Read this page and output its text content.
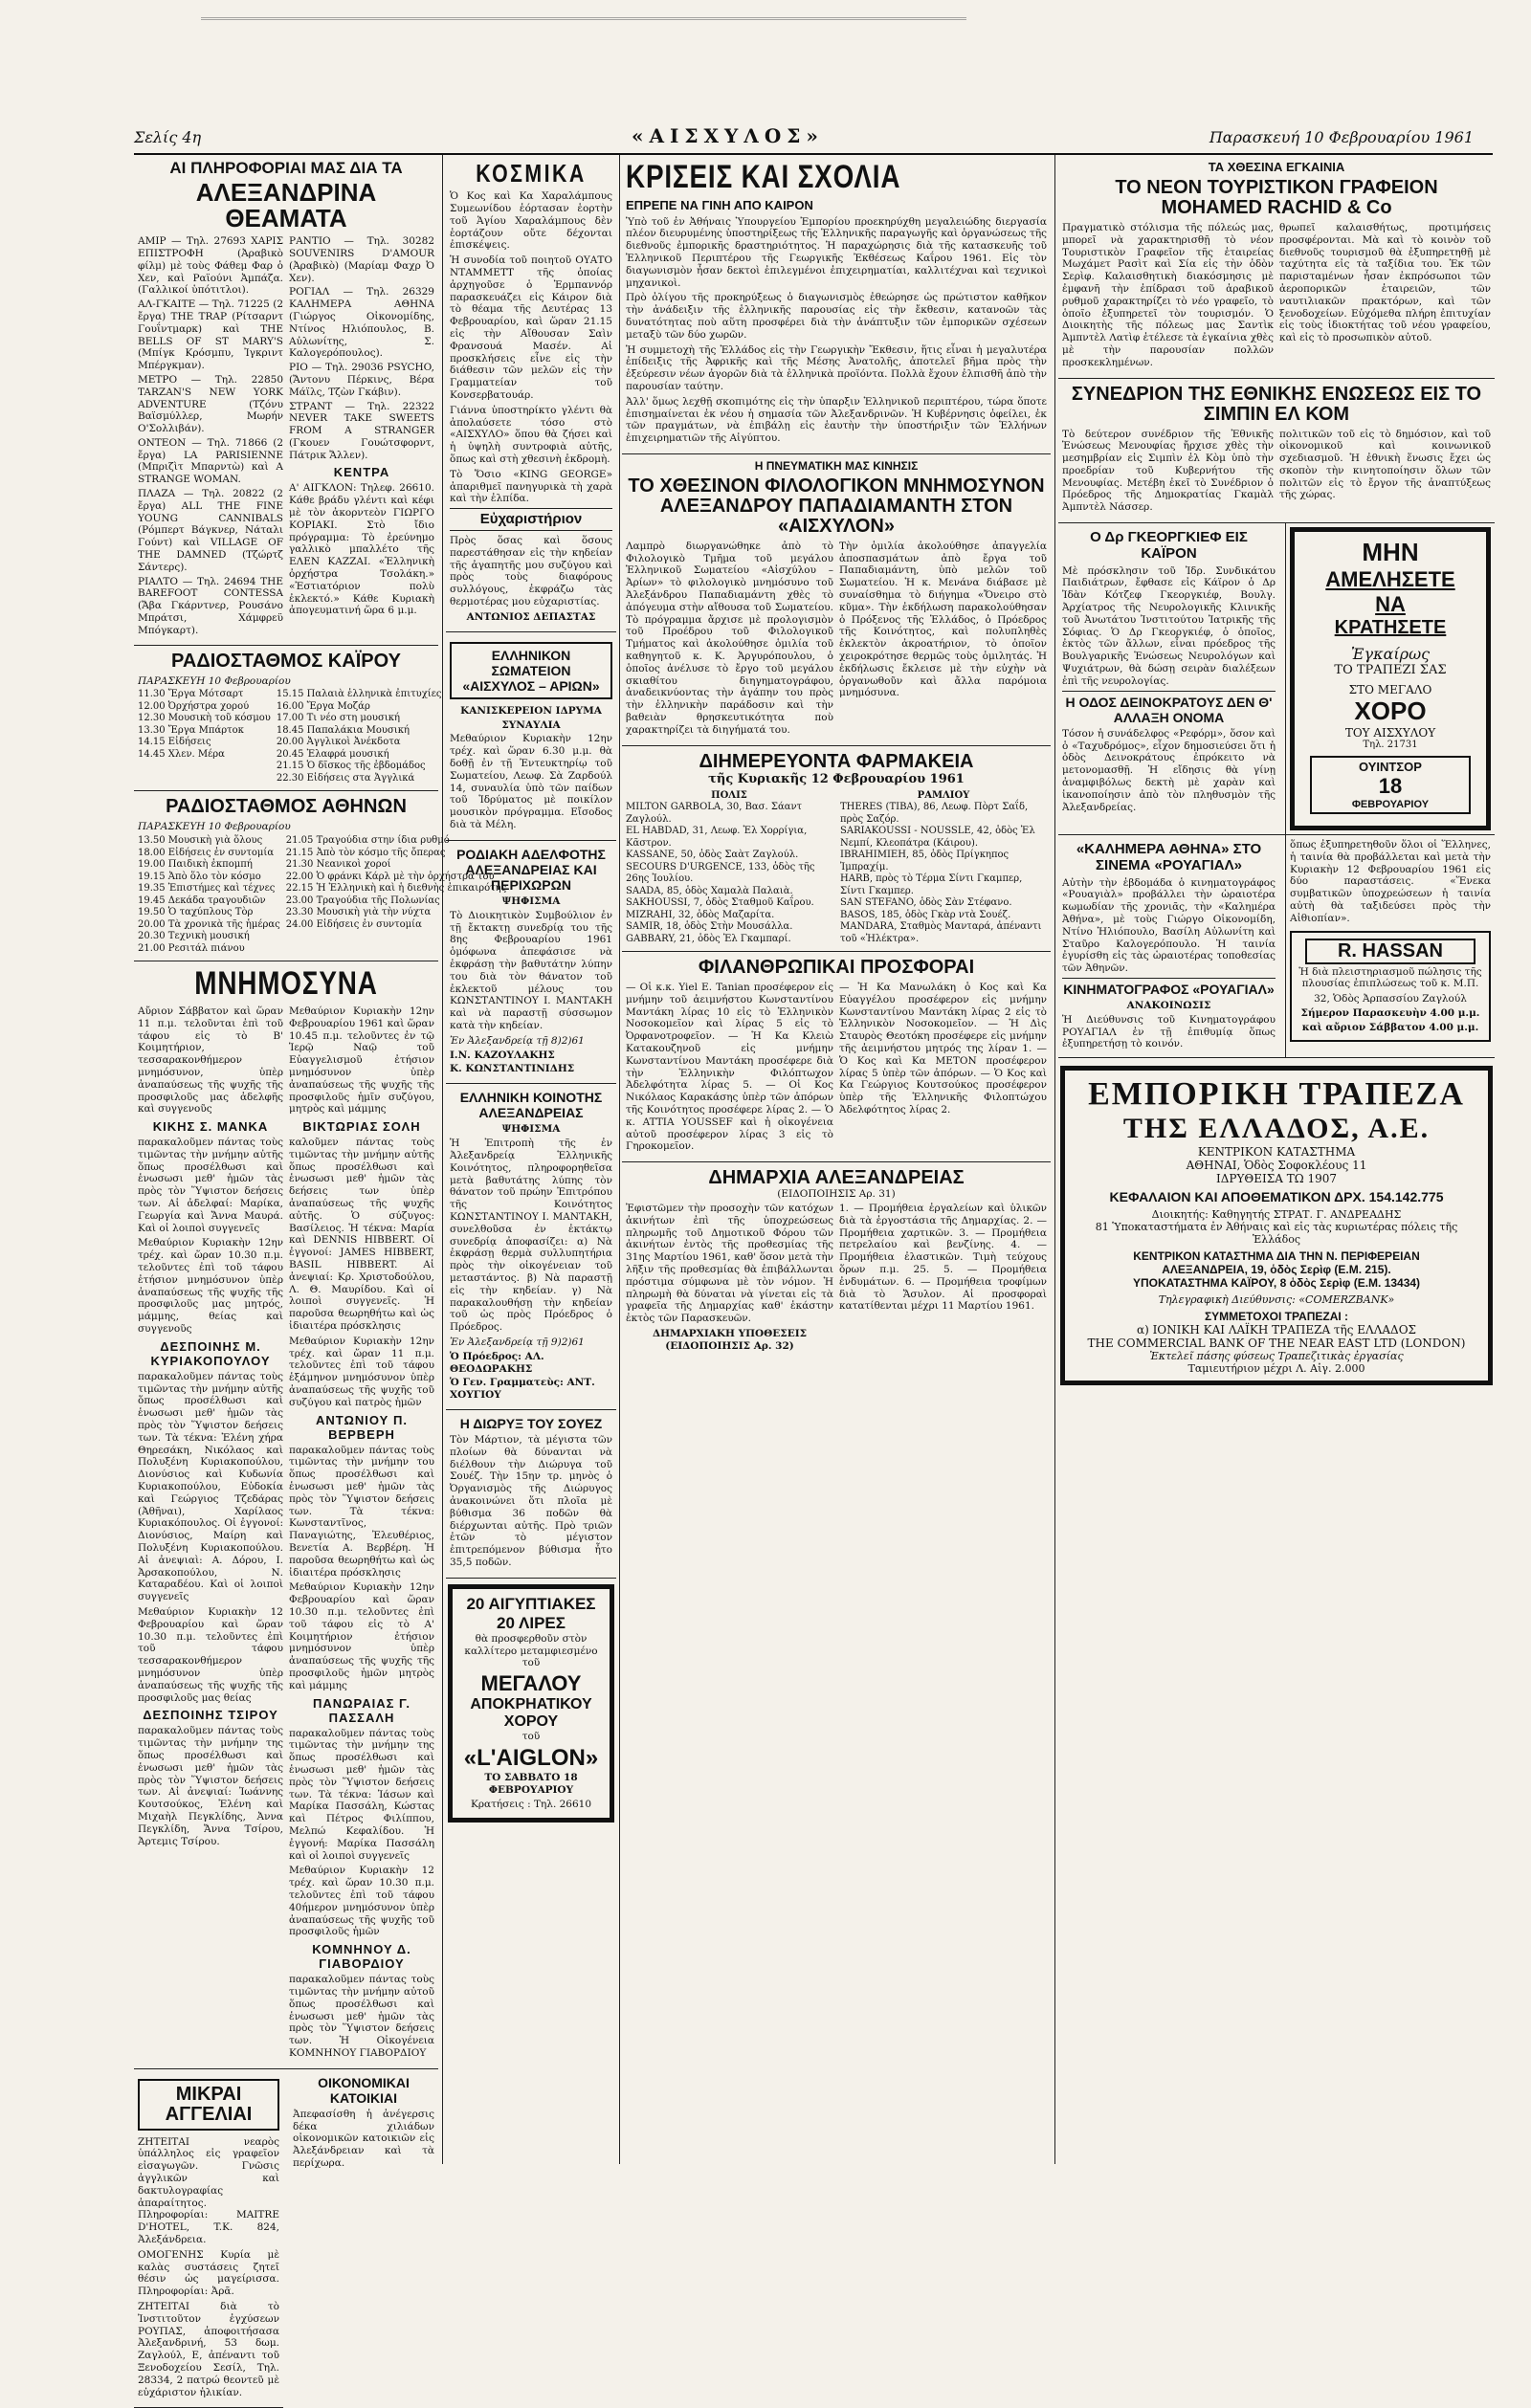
Σελίς 4η	«ΑΙΣΧΥΛΟΣ»	Παρασκευή 10 Φεβρουαρίου 1961
ΑΙ ΠΛΗΡΟΦΟΡΙΑΙ ΜΑΣ ΔΙΑ ΤΑ
ΑΛΕΞΑΝΔΡΙΝΑ ΘΕΑΜΑΤΑ

ΑΜΙΡ — Τηλ. 27693 ΧΑΡΙΣ ΕΠΙΣΤΡΟΦΗ (Ἀραβικὸ φίλμ) μὲ τοὺς Φάθεμ Φαρ ὁ Χεν, καὶ Ραϊούνι Ἀμπάζα. (Γαλλικοί ὑπότιτλοι).

ΑΛ-ΓΚΑΙΤΕ — Τηλ. 71225 (2 ἔργα) THE TRAP (Ρίτσαρντ Γουΐντμαρκ) καὶ THE BELLS OF ST MARY'S (Μπίγκ Κρόσμπυ, Ἰγκριντ Μπέργκμαν).

ΜΕΤΡΟ — Τηλ. 22850 TARZAN'S NEW YORK ADVENTURE (Τζόνυ Βαϊσμύλλερ, Μωρήν Ο'Σολλιβάν).

ΟΝΤΕΟΝ — Τηλ. 71866 (2 ἔργα) LA PARISIENNE (Μπριζὶτ Μπαρντὼ) καὶ A STRANGE WOMAN.

ΠΛΑΖΑ — Τηλ. 20822 (2 ἔργα) ALL THE FINE YOUNG CANNIBALS (Ρόμπερτ Βάγκνερ, Νάταλι Γούντ) καὶ VILLAGE OF THE DAMNED (Τζώρτζ Σάντερς).

ΡΙΑΛΤΟ — Τηλ. 24694 THE BAREFOOT CONTESSA (Ἄβα Γκάρντνερ, Ρουσάνο Μπράτσι, Χάμφρεϋ Μπόγκαρτ).

ΡΑΝΤΙΟ — Τηλ. 30282 SOUVENIRS D'AMOUR (Ἀραβικὸ) (Μαρίαμ Φαχρ Ὀ Χεν).

ΡΟΓΙΑΛ — Τηλ. 26329 ΚΑΛΗΜΕΡΑ ΑΘΗΝΑ (Γιώργος Οἰκονομίδης, Ντίνος Ηλιόπουλος, Β. Αὐλωνίτης, Σ. Καλογερόπουλος).

ΡΙΟ — Τηλ. 29036 PSYCHO, (Ἄντονυ Πέρκινς, Βέρα Μάϊλς, Τζὼν Γκάβιν).

ΣΤΡΑΝΤ — Τηλ. 22322 NEVER TAKE SWEETS FROM A STRANGER (Γκουεν Γουώτσφορντ, Πάτρικ Ἄλλεν).

ΚΕΝΤΡΑ

Α' ΑΙΓΚΛΟΝ: Τηλεφ. 26610. Κάθε βράδυ γλέντι καὶ κέφι μὲ τὸν ἀκορντεὸν ΓΙΩΡΓΟ ΚΟΡΙΑΚΙ. Στὸ ἴδιο πρόγραμμα: Τὸ ἐρεύνημο γαλλικὸ μπαλλέτο τῆς ΕΛΕΝ ΚΑΖΖΑΙ. «Ἑλληνικὴ ὀρχήστρα Τσολάκη.» «Ἐστιατόριον πολὺ ἐκλεκτό.» Κάθε Κυριακὴ ἀπογευματινή ὥρα 6 μ.μ.

ΡΑΔΙΟΣΤΑΘΜΟΣ ΚΑΪΡΟΥ
ΠΑΡΑΣΚΕΥΗ 10 Φεβρουαρίου
11.30 Ἔργα Μότσαρτ
12.00 Ὀρχήστρα χορού
12.30 Μουσικὴ τοῦ κόσμου
13.30 Ἔργα Μπάρτοκ
14.15 Εἰδήσεις
14.45 Χλεν. Μέρα
15.15 Παλαιὰ ἑλληνικὰ ἐπιτυχίες
16.00 Ἔργα Μοζάρ
17.00 Τι νέο στη μουσική
18.45 Παπαλάκια Μουσική
20.00 Ἀγγλικοὶ Ἀνέκδοτα
20.45 Ἐλαφρά μουσική
21.15 Ὁ δῖσκος τῆς ἐβδομάδος
22.30 Εἰδήσεις στα Ἀγγλικά
ΡΑΔΙΟΣΤΑΘΜΟΣ ΑΘΗΝΩΝ
ΠΑΡΑΣΚΕΥΗ 10 Φεβρουαρίου
13.50 Μουσικὴ γιὰ ὅλους
18.00 Εἰδήσεις ἐν συντομία
19.00 Παιδικὴ ἐκπομπή
19.15 Ἀπὸ ὅλο τὸν κόσμο
19.35 Ἐπιστήμες καὶ τέχνες
19.45 Δεκάδα τραγουδιῶν
19.50 Ὁ ταχύπλους Τὸρ
20.00 Τὰ χρονικὰ τῆς ἡμέρας
20.30 Τεχνικὴ μουσική
21.00 Ρεσιτάλ πιάνου
21.05 Τραγούδια στην ίδια ρυθμό
21.15 Ἀπὸ τὸν κόσμο τῆς ὄπερας
21.30 Νεανικοὶ χοροί
22.00 Ὁ φράνκι Κάρλ μὲ τὴν ὀρχήστρα του
22.15 Ἡ Ἑλληνικὴ καὶ ἡ διεθνὴς ἐπικαιρότης
23.00 Τραγούδια τῆς Πολωνίας
23.30 Μουσικὴ γιὰ τὴν νύχτα
24.00 Εἰδήσεις ἐν συντομία
ΜΝΗΜΟΣΥΝΑ

Αὔριον Σάββατον καὶ ὥραν 11 π.μ. τελοῦνται ἐπὶ τοῦ τάφου εἰς τὸ Β' Κοιμητήριον, τεσσαρακονθήμερον μνημόσυνον, ὑπὲρ ἀναπαύσεως τῆς ψυχῆς τῆς προσφιλοῦς μας ἀδελφῆς καὶ συγγενοῦς

ΚΙΚΗΣ Σ. ΜΑΝΚΑ

παρακαλοῦμεν πάντας τοὺς τιμῶντας τὴν μνήμην αὐτῆς ὅπως προσέλθωσι καὶ ἑνωσωσι μεθ' ἡμῶν τὰς πρὸς τὸν Ὕψιστον δεήσεις των. Αἱ ἀδελφαί: Μαρίκα, Γεωργία καὶ Ἄννα Μαυρά. Καὶ οἱ λοιποὶ συγγενεῖς

Μεθαύριον Κυριακὴν 12ην τρέχ. καὶ ὥραν 10.30 π.μ. τελοῦντες ἐπὶ τοῦ τάφου ἐτήσιον μνημόσυνον ὑπὲρ ἀναπαύσεως τῆς ψυχῆς τῆς προσφιλοῦς μας μητρός, μάμμης, θείας καὶ συγγενοῦς

ΔΕΣΠΟΙΝΗΣ Μ. ΚΥΡΙΑΚΟΠΟΥΛΟΥ

παρακαλοῦμεν πάντας τοὺς τιμῶντας τὴν μνήμην αὐτῆς ὅπως προσέλθωσι καὶ ἑνωσωσι μεθ' ἡμῶν τὰς πρὸς τὸν Ὕψιστον δεήσεις των. Τὰ τέκνα: Ἐλένη χήρα Θηρεσάκη, Νικόλαος καὶ Πολυξένη Κυριακοπούλου, Διονύσιος καὶ Κυδωνία Κυριακοπούλου, Εὐδοκία καὶ Γεώργιος Τζεδάρας (Ἀθῆναι), Χαρίλαος Κυριακόπουλος. Οἱ ἐγγονοί: Διονύσιος, Μαίρη καὶ Πολυξένη Κυριακοπούλου. Αἱ ἀνεψιαὶ: Α. Δόρου, Ι. Ἀρσακοπούλου, Ν. Καταραδέου. Καὶ οἱ λοιποὶ συγγενεῖς

Μεθαύριον Κυριακὴν 12 Φεβρουαρίου καὶ ὥραν 10.30 π.μ. τελοῦντες ἐπὶ τοῦ τάφου τεσσαρακονθήμερον μνημόσυνον ὑπὲρ ἀναπαύσεως τῆς ψυχῆς τῆς προσφιλοῦς μας θείας

ΔΕΣΠΟΙΝΗΣ ΤΣΙΡΟΥ

παρακαλοῦμεν πάντας τοὺς τιμῶντας τὴν μνήμην της ὅπως προσέλθωσι καὶ ἑνωσωσι μεθ' ἡμῶν τὰς πρὸς τὸν Ὕψιστον δεήσεις των. Αἱ ἀνεψιαί: Ἰωάννης Κουτσούκος, Ἐλένη καὶ Μιχαὴλ Πεγκλίδης, Ἀννα Πεγκλίδη, Ἄννα Τσίρου, Ἀρτεμις Τσίρου.

Μεθαύριον Κυριακὴν 12ην Φεβρουαρίου 1961 καὶ ὥραν 10.45 π.μ. τελοῦντες ἐν τῷ Ἱερῷ Ναῷ τοῦ Εὐαγγελισμοῦ ἐτήσιον μνημόσυνον ὑπὲρ ἀναπαύσεως τῆς ψυχῆς τῆς προσφιλοῦς ἡμῖν συζύγου, μητρὸς καὶ μάμμης

ΒΙΚΤΩΡΙΑΣ ΣΟΛΗ

καλοῦμεν πάντας τοὺς τιμῶντας τὴν μνήμην αὐτῆς ὅπως προσέλθωσι καὶ ἑνωσωσι μεθ' ἡμῶν τὰς δεήσεις των ὑπὲρ ἀναπαύσεως τῆς ψυχῆς αὐτῆς. Ὁ σύζυγος: Βασίλειος. Ἡ τέκνα: Μαρία καὶ DENNIS HIBBERT. Οἱ ἐγγονοί: JAMES HIBBERT, BASIL HIBBERT. Αἱ ἀνεψιαί: Κρ. Χριστοδούλου, Λ. Θ. Μαυρίδου. Καὶ οἱ λοιποὶ συγγενεῖς. Ἡ παροῦσα θεωρηθήτω καὶ ὡς ἰδιαιτέρα πρόσκλησις

Μεθαύριον Κυριακὴν 12ην τρέχ. καὶ ὥραν 11 π.μ. τελοῦντες ἐπὶ τοῦ τάφου ἑξάμηνον μνημόσυνον ὑπὲρ ἀναπαύσεως τῆς ψυχῆς τοῦ συζύγου καὶ πατρὸς ἡμῶν

ΑΝΤΩΝΙΟΥ Π. ΒΕΡΒΕΡΗ

παρακαλοῦμεν πάντας τοὺς τιμῶντας τὴν μνήμην του ὅπως προσέλθωσι καὶ ἑνωσωσι μεθ' ἡμῶν τὰς πρὸς τὸν Ὕψιστον δεήσεις των. Τὰ τέκνα: Κωνσταντῖνος, Παναγιώτης, Ἐλευθέριος, Βενετία Α. Βερβέρη. Ἡ παροῦσα θεωρηθήτω καὶ ὡς ἰδιαιτέρα πρόσκλησις

Μεθαύριον Κυριακὴν 12ην Φεβρουαρίου καὶ ὥραν 10.30 π.μ. τελοῦντες ἐπὶ τοῦ τάφου εἰς τὸ Α' Κοιμητήριον ἐτήσιον μνημόσυνον ὑπὲρ ἀναπαύσεως τῆς ψυχῆς τῆς προσφιλοῦς ἡμῶν μητρὸς καὶ μάμμης

ΠΑΝΩΡΑΙΑΣ Γ. ΠΑΣΣΑΛΗ

παρακαλοῦμεν πάντας τοὺς τιμῶντας τὴν μνήμην της ὅπως προσέλθωσι καὶ ἑνωσωσι μεθ' ἡμῶν τὰς πρὸς τὸν Ὕψιστον δεήσεις των. Τὰ τέκνα: Ἰάσων καὶ Μαρίκα Πασσάλη, Κώστας καὶ Πέτρος Φιλίππου, Μελπώ Κεφαλίδου. Ἡ ἐγγονή: Μαρίκα Πασσάλη καὶ οἱ λοιποὶ συγγενεῖς

Μεθαύριον Κυριακὴν 12 τρέχ. καὶ ὥραν 10.30 π.μ. τελοῦντες ἐπὶ τοῦ τάφου 40ήμερον μνημόσυνον ὑπὲρ ἀναπαύσεως τῆς ψυχῆς τοῦ προσφιλοῦς ἡμῶν

ΚΟΜΝΗΝΟΥ Δ. ΓΙΑΒΟΡΔΙΟΥ

παρακαλοῦμεν πάντας τοὺς τιμῶντας τὴν μνήμην αὐτοῦ ὅπως προσέλθωσι καὶ ἑνωσωσι μεθ' ἡμῶν τὰς πρὸς τὸν Ὕψιστον δεήσεις των. Ἡ Οἰκογένεια ΚΟΜΝΗΝΟΥ ΓΙΑΒΟΡΔΙΟΥ

ΜΙΚΡΑΙ ΑΓΓΕΛΙΑΙ

ΖΗΤΕΙΤΑΙ νεαρὸς ὑπάλληλος εἰς γραφεῖον εἰσαγωγῶν. Γνῶσις ἀγγλικῶν καὶ δακτυλογραφίας ἀπαραίτητος. Πληροφορίαι: MAITRE D'HOTEL, T.K. 824, Ἀλεξάνδρεια.

ΟΜΟΓΕΝΗΣ Κυρία μὲ καλὰς συστάσεις ζητεῖ θέσιν ὡς μαγείρισσα. Πληροφορίαι: Ἀρᾶ.

ΖΗΤΕΙΤΑΙ διὰ τὸ Ἰνστιτοῦτον ἐγχύσεων ΡΟΥΠΑΣ, ἀποφοιτήσασα Ἀλεξανδρινή, 53 δωμ. Ζαγλούλ, Ε, ἀπέναντι τοῦ Ξενοδοχείου Σεσίλ, Τηλ. 28334, 2 πατρώ θεοντεῦ μὲ εὐχάριστον ἡλικίαν.

ΟΙΚΟΝΟΜΙΚΑΙ ΚΑΤΟΙΚΙΑΙ

Ἀπεφασίσθη ἡ ἀνέγερσις δέκα χιλιάδων οἰκονομικῶν κατοικιῶν εἰς Ἀλεξάνδρειαν καὶ τὰ περίχωρα.

ΚΟΣΜΙΚΑ

Ὁ Κος καὶ Κα Χαραλάμπους Συμεωνίδου ἑόρτασαν ἑορτὴν τοῦ Ἁγίου Χαραλάμπους δὲν ἑορτάζουν οὔτε δέχονται ἐπισκέψεις.

Ἡ συνοδία τοῦ ποιητοῦ ΟΥΑΤΟ ΝΤΑΜΜΕΤΤ τῆς ὁποίας ἀρχηγοῦσε ὁ Ἐρμπαννόρ παρασκευάζει εἰς Κάιρον διὰ τὸ θέαμα τῆς Δευτέρας 13 Φεβρουαρίου, καὶ ὥραν 21.15 εἰς τὴν Αἴθουσαν Σαὶν Φρανσουά Μασέν. Αἱ προσκλήσεις εἶνε εἰς τὴν διάθεσιν τῶν μελῶν εἰς τὴν Γραμματείαν τοῦ Κονσερβατουάρ.

Γιάννα ὑποστηρίκτο γλέντι θὰ ἀπολαύσετε τόσο στὸ «ΑΙΣΧΥΛΟ» ὅπου θὰ ζήσει καὶ ἡ ὑψηλὴ συντροφιὰ αὐτῆς, ὅπως καὶ στὴ χθεσινὴ ἐκδρομὴ.

Τὸ Ὅσιο «KING GEORGE» ἀπαριθμεῖ πανηγυρικὰ τὴ χαρὰ καὶ τὴν ἐλπίδα.

Εὐχαριστήριον

Πρὸς ὅσας καὶ ὅσους παρεστάθησαν εἰς τὴν κηδείαν τῆς ἀγαπητῆς μου συζύγου καὶ πρὸς τοὺς διαφόρους συλλόγους, ἐκφράζω τὰς θερμοτέρας μου εὐχαριστίας.

ΑΝΤΩΝΙΟΣ ΔΕΠΑΣΤΑΣ
ΕΛΛΗΝΙΚΟΝ ΣΩΜΑΤΕΙΟΝ «ΑΙΣΧΥΛΟΣ – ΑΡΙΩΝ»
ΚΑΝΙΣΚΕΡΕΙΟΝ ΙΔΡΥΜΑ
ΣΥΝΑΥΛΙΑ

Μεθαύριον Κυριακὴν 12ην τρέχ. καὶ ὥραν 6.30 μ.μ. θὰ δοθῇ ἐν τῇ Ἐντευκτηρίῳ τοῦ Σωματείου, Λεωφ. Σὰ Ζαρδούλ 14, συναυλία ὑπὸ τῶν παίδων τοῦ Ἱδρύματος μὲ ποικίλον μουσικὸν πρόγραμμα. Εἴσοδος διὰ τὰ Μέλη.

ΡΟΔΙΑΚΗ ΑΔΕΛΦΟΤΗΣ ΑΛΕΞΑΝΔΡΕΙΑΣ ΚΑΙ ΠΕΡΙΧΩΡΩΝ
ΨΗΦΙΣΜΑ

Τὸ Διοικητικὸν Συμβούλιον ἐν τῇ ἔκτακτῃ συνεδρίᾳ του τῆς 8ης Φεβρουαρίου 1961 ὁμόφωνα ἀπεφάσισε νὰ ἐκφράσῃ τὴν βαθυτάτην λύπην του διὰ τὸν θάνατον τοῦ ἐκλεκτοῦ μέλους του ΚΩΝΣΤΑΝΤΙΝΟΥ Ι. ΜΑΝΤΑΚΗ καὶ νὰ παραστῇ σύσσωμον κατὰ τὴν κηδείαν.

Ἐν Ἀλεξανδρείᾳ τῇ 8)2)61
Ι.Ν. ΚΑΖΟΥΛΑΚΗΣ
Κ. ΚΩΝΣΤΑΝΤΙΝΙΔΗΣ
ΕΛΛΗΝΙΚΗ ΚΟΙΝΟΤΗΣ ΑΛΕΞΑΝΔΡΕΙΑΣ
ΨΗΦΙΣΜΑ

Ἡ Ἐπιτροπὴ τῆς ἐν Ἀλεξανδρείᾳ Ἑλληνικῆς Κοινότητος, πληροφορηθεῖσα μετὰ βαθυτάτης λύπης τὸν θάνατον τοῦ πρώην Ἐπιτρόπου τῆς Κοινότητος ΚΩΝΣΤΑΝΤΙΝΟΥ Ι. ΜΑΝΤΑΚΗ, συνελθοῦσα ἐν ἐκτάκτῳ συνεδρίᾳ ἀποφασίζει: α) Νὰ ἐκφράσῃ θερμὰ συλλυπητήρια πρὸς τὴν οἰκογένειαν τοῦ μεταστάντος. β) Νὰ παραστῇ εἰς τὴν κηδείαν. γ) Νὰ παρακαλουθήσῃ τὴν κηδείαν τοῦ ὡς πρὸς Πρόεδρος ὁ Πρόεδρος.

Ἐν Ἀλεξανδρείᾳ τῇ 9)2)61
Ὁ Πρόεδρος: ΑΛ. ΘΕΟΔΩΡΑΚΗΣ
Ὁ Γεν. Γραμματεὺς: ΑΝΤ. ΧΟΥΓΙΟΥ
Η ΔΙΩΡΥΞ ΤΟΥ ΣΟΥΕΖ

Τὸν Μάρτιον, τὰ μέγιστα τῶν πλοίων θὰ δύνανται νὰ διέλθουν τὴν Διώρυγα τοῦ Σουέζ. Τὴν 15ην τρ. μηνὸς ὁ Ὀργανισμὸς τῆς Διώρυγος ἀνακοινώνει ὅτι πλοῖα μὲ βύθισμα 36 ποδῶν θὰ διέρχωνται αὐτῆς. Πρὸ τριῶν ἐτῶν τὸ μέγιστον ἐπιτρεπόμενον βύθισμα ἦτο 35,5 ποδῶν.

20 ΑΙΓΥΠΤΙΑΚΕΣ 20 ΛΙΡΕΣ
θὰ προσφερθοῦν στὸν καλλίτερο μεταμφιεσμένο τοῦ
ΜΕΓΑΛΟΥ
ΑΠΟΚΡΗΑΤΙΚΟΥ ΧΟΡΟΥ
τοῦ
«L'AIGLON»
ΤΟ ΣΑΒΒΑΤΟ 18 ΦΕΒΡΟΥΑΡΙΟΥ
Κρατήσεις : Τηλ. 26610
ΚΡΙΣΕΙΣ ΚΑΙ ΣΧΟΛΙΑ
ΕΠΡΕΠΕ ΝΑ ΓΙΝΗ ΑΠΟ ΚΑΙΡΟΝ

Ὑπὸ τοῦ ἐν Ἀθήναις Ὑπουργείου Ἐμπορίου προεκηρύχθη μεγαλειώδης διεργασία πλέον διευρυμένης ὑποστηρίξεως τῆς Ἑλληνικῆς παραγωγῆς καὶ ὁργανώσεως τῆς διεθνοῦς ἐμπορικῆς δραστηριότητος. Ἡ παραχώρησις διὰ τῆς κατασκευῆς τοῦ Ἑλληνικοῦ Περιπτέρου τῆς Γεωργικῆς Ἐκθέσεως Καΐρου 1961. Εἰς τὸν διαγωνισμὸν ἦσαν δεκτοὶ ἐπιλεγμένοι ἐπιχειρηματίαι, καλλιτέχναι καὶ τεχνικοὶ μηχανικοὶ.

Πρὸ ὀλίγου τῆς προκηρύξεως ὁ διαγωνισμὸς ἐθεώρησε ὡς πρώτιστον καθῆκον τὴν ἀνάδειξιν τῆς ἑλληνικῆς παρουσίας εἰς τὴν ἔκθεσιν, κατανοῶν τὰς δυνατότητας ποὺ αὕτη προσφέρει διὰ τὴν ἀνάπτυξιν τῶν ἐμπορικῶν σχέσεων μεταξὺ τῶν δύο χωρῶν.

Ἡ συμμετοχὴ τῆς Ἑλλάδος εἰς τὴν Γεωργικὴν Ἔκθεσιν, ἥτις εἶναι ἡ μεγαλυτέρα ἐπίδειξις τῆς Ἀφρικῆς καὶ τῆς Μέσης Ἀνατολῆς, ἀποτελεῖ βῆμα πρὸς τὴν ἐξεύρεσιν νέων ἀγορῶν διὰ τὰ ἑλληνικὰ προϊόντα. Πολλὰ ἔχουν ἐλπισθῆ ἀπὸ τὴν παρουσίαν ταύτην.

Ἀλλ' ὅμως λεχθῇ σκοπιμότης εἰς τὴν ὑπαρξιν Ἑλληνικοῦ περιπτέρου, τώρα ὅποτε ἐπισημαίνεται ἐκ νέου ἡ σημασία τῶν Ἀλεξανδρινῶν. Ἡ Κυβέρνησις ὀφείλει, ἐκ τῶν πραγμάτων, νὰ ἐπιβάλῃ εἰς ἑαυτὴν τὴν ὑποστήριξιν τῶν Ἑλλήνων ἐπιχειρηματιῶν τῆς Αἰγύπτου.

Η ΠΝΕΥΜΑΤΙΚΗ ΜΑΣ ΚΙΝΗΣΙΣ
ΤΟ ΧΘΕΣΙΝΟΝ ΦΙΛΟΛΟΓΙΚΟΝ ΜΝΗΜΟΣΥΝΟΝ ΑΛΕΞΑΝΔΡΟΥ ΠΑΠΑΔΙΑΜΑΝΤΗ ΣΤΟΝ «ΑΙΣΧΥΛΟΝ»

Λαμπρὸ διωργανώθηκε ἀπὸ τὸ Φιλολογικὸ Τμῆμα τοῦ μεγάλου Ἑλληνικοῦ Σωματείου «Αἰσχύλου – Ἀρίων» τὸ φιλολογικὸ μνημόσυνο τοῦ Ἀλεξάνδρου Παπαδιαμάντη χθὲς τὸ ἀπόγευμα στὴν αἴθουσα τοῦ Σωματείου. Τὸ πρόγραμμα ἄρχισε μὲ προλογισμὸν τοῦ Προέδρου τοῦ Φιλολογικοῦ Τμήματος καὶ ἀκολούθησε ὁμιλία τοῦ καθηγητοῦ κ. Κ. Ἀργυρόπουλου, ὁ ὁποῖος ἀνέλυσε τὸ ἔργο τοῦ μεγάλου σκιαθίτου διηγηματογράφου, ἀναδεικνύοντας τὴν ἀγάπην του πρὸς τὴν ἑλληνικὴν παράδοσιν καὶ τὴν βαθειὰν θρησκευτικότητα ποὺ χαρακτηρίζει τὰ διηγήματά του.

Τὴν ὁμιλία ἀκολούθησε ἀπαγγελία ἀποσπασμάτων ἀπὸ ἔργα τοῦ Παπαδιαμάντη, ὑπὸ μελῶν τοῦ Σωματείου. Ἡ κ. Μενάνα διάβασε μὲ συναίσθημα τὸ διήγημα «Ὄνειρο στὸ κῦμα». Τὴν ἐκδήλωση παρακολούθησαν ὁ Πρόξενος τῆς Ἑλλάδος, ὁ Πρόεδρος τῆς Κοινότητος, καὶ πολυπληθὲς ἐκλεκτὸν ἀκροατήριον, τὸ ὁποῖον χειροκρότησε θερμῶς τοὺς ὁμιλητάς. Ἡ ἐκδήλωσις ἔκλεισε μὲ τὴν εὐχὴν νὰ ὀργανωθοῦν καὶ ἄλλα παρόμοια μνημόσυνα.

ΔΙΗΜΕΡΕΥΟΝΤΑ ΦΑΡΜΑΚΕΙΑ
τῆς Κυριακῆς 12 Φεβρουαρίου 1961
ΠΟΛΙΣ
MILTON GARBOLA, 30, Βασ. Σάαντ Ζαγλούλ.
EL HABDAD, 31, Λεωφ. Ἑλ Χορρίγια, Κᾶστρον.
KASSANE, 50, ὁδὸς Σαὰτ Ζαγλούλ.
SECOURS D'URGENCE, 133, ὁδὸς τῆς 26ης Ἰουλίου.
SAADA, 85, ὁδὸς Χαμαλὰ Παλαιὰ.
SAKHOUSSI, 7, ὁδὸς Σταθμοῦ Καΐρου.
MIZRAHI, 32, ὁδὸς Μαζαρίτα.
SAMIR, 18, ὁδὸς Στὴν Μουσάλλα.
GABBARY, 21, ὁδὸς Ἑλ Γκαμπαρί.
ΡΑΜΛΙΟΥ
THERES (TIBA), 86, Λεωφ. Πὸρτ Σαΐδ, πρὸς Σαζόρ.
SARIAKOUSSI - NOUSSLE, 42, ὁδὸς Ἑλ Νεμπί, Κλεοπάτρα (Κάιρου).
IBRAHIMIEH, 85, ὁδὸς Πρίγκηπος Ἰμπραχίμ.
HARB, πρὸς τὸ Τέρμα Σίντι Γκαμπερ, Σίντι Γκαμπερ.
SAN STEFANO, ὁδὸς Σὰν Στέφανο.
BASOS, 185, ὁδὸς Γκὰρ ντὰ Σουέζ.
MANDARA, Σταθμὸς Μανταρά, ἀπέναντι τοῦ «Ἠλέκτρα».
ΦΙΛΑΝΘΡΩΠΙΚΑΙ ΠΡΟΣΦΟΡΑΙ

— Οἱ κ.κ. Yiel E. Tanian προσέφερον εἰς μνήμην τοῦ ἀειμνήστου Κωνσταντίνου Μαντάκη λίρας 10 εἰς τὸ Ἑλληνικὸν Νοσοκομεῖον καὶ λίρας 5 εἰς τὸ Ὀρφανοτροφεῖον. — Ἡ Κα Κλειὼ Κατακουζηνοῦ εἰς μνήμην Κωνσταντίνου Μαντάκη προσέφερε διὰ τὴν Ἑλληνικὴν Φιλόπτωχον Ἀδελφότητα λίρας 5. — Οἱ Κος Νικόλαος Καρακάσης ὑπὲρ τῶν ἀπόρων τῆς Κοινότητος προσέφερε λίρας 2. — Ὁ κ. ATTIA YOUSSEF καὶ ἡ οἰκογένεια αὐτοῦ προσέφερον λίρας 3 εἰς τὸ Γηροκομεῖον.

— Ἡ Κα Μανωλάκη ὁ Κος καὶ Κα Εὐαγγέλου προσέφερον εἰς μνήμην Κωνσταντίνου Μαντάκη λίρας 2 εἰς τὸ Ἑλληνικὸν Νοσοκομεῖον. — Ἡ Δὶς Σταυρὸς Θεοτόκη προσέφερε εἰς μνήμην τῆς ἀειμνήστου μητρός της λίραν 1. — Ὁ Κος καὶ Κα ΜΕΤΟΝ προσέφερον λίρας 5 ὑπὲρ τῶν ἀπόρων. — Ὁ Κος καὶ Κα Γεώργιος Κουτσούκος προσέφερον ὑπὲρ τῆς Ἑλληνικῆς Φιλοπτώχου Ἀδελφότητος λίρας 2.

ΔΗΜΑΡΧΙΑ ΑΛΕΞΑΝΔΡΕΙΑΣ
(ΕΙΔΟΠΟΙΗΣΙΣ Αρ. 31)

Ἐφιστῶμεν τὴν προσοχὴν τῶν κατόχων ἀκινήτων ἐπὶ τῆς ὑποχρεώσεως πληρωμῆς τοῦ Δημοτικοῦ Φόρου τῶν ἀκινήτων ἐντὸς τῆς προθεσμίας τῆς 31ης Μαρτίου 1961, καθ' ὅσον μετὰ τὴν λῆξιν τῆς προθεσμίας θὰ ἐπιβάλλωνται πρόστιμα σύμφωνα μὲ τὸν νόμον. Ἡ πληρωμὴ θὰ δύναται νὰ γίνεται εἰς τὰ γραφεῖα τῆς Δημαρχίας καθ' ἑκάστην ἐκτὸς τῶν Παρασκευῶν.

ΔΗΜΑΡΧΙΑΚΗ ΥΠΟΘΕΣΕΙΣ (ΕΙΔΟΠΟΙΗΣΙΣ Αρ. 32)

1. — Προμήθεια ἐργαλείων καὶ ὑλικῶν διὰ τὰ ἐργοστάσια τῆς Δημαρχίας. 2. — Προμήθεια χαρτικῶν. 3. — Προμήθεια πετρελαίου καὶ βενζίνης. 4. — Προμήθεια ἐλαστικῶν. Τιμὴ τεύχους ὅρων π.μ. 25. 5. — Προμήθεια ἐνδυμάτων. 6. — Προμήθεια τροφίμων διὰ τὸ Ἄσυλον. Αἱ προσφοραὶ κατατίθενται μέχρι 11 Μαρτίου 1961.

ΤΑ ΧΘΕΣΙΝΑ ΕΓΚΑΙΝΙΑ
ΤΟ ΝΕΟΝ ΤΟΥΡΙΣΤΙΚΟΝ ΓΡΑΦΕΙΟΝ MOHAMED RACHID & Co

Πραγματικὸ στόλισμα τῆς πόλεώς μας, μπορεῖ νὰ χαρακτηρισθῇ τὸ νέον Τουριστικὸν Γραφεῖον τῆς ἑταιρείας Μωχάμετ Ρασὶτ καὶ Σία εἰς τὴν ὁδὸν Σερὶφ. Καλαισθητικὴ διακόσμησις μὲ ἐμφανῆ τὴν ἐπίδρασι τοῦ ἀραβικοῦ ρυθμοῦ χαρακτηρίζει τὸ νέο γραφεῖο, τὸ ὁποῖο ἐξυπηρετεῖ τὸν τουρισμόν. Ὁ Διοικητὴς τῆς πόλεως μας Σαντὶκ Ἀμπντὲλ Λατὶφ ἐτέλεσε τὰ ἐγκαίνια χθὲς μὲ τὴν παρουσίαν πολλῶν προσκεκλημένων.

θρωπεῖ καλαισθήτως, προτιμήσεις προσφέρονται. Μὰ καὶ τὸ κοινὸν τοῦ διεθνοῦς τουρισμοῦ θὰ ἐξυπηρετηθῇ μὲ ταχύτητα εἰς τὰ ταξίδια του. Ἐκ τῶν παρισταμένων ἦσαν ἐκπρόσωποι τῶν ἀεροπορικῶν ἑταιρειῶν, τῶν ναυτιλιακῶν πρακτόρων, καὶ τῶν ξενοδοχείων. Εὐχόμεθα πλήρη ἐπιτυχίαν εἰς τοὺς ἰδιοκτήτας τοῦ νέου γραφείου, καὶ εἰς τὸ προσωπικὸν αὐτοῦ.

ΣΥΝΕΔΡΙΟΝ ΤΗΣ ΕΘΝΙΚΗΣ ΕΝΩΣΕΩΣ ΕΙΣ ΤΟ ΣΙΜΠΙΝ ΕΛ ΚΟΜ

Τὸ δεύτερον συνέδριον τῆς Ἐθνικῆς Ἑνώσεως Μενουφίας ἤρχισε χθὲς τὴν μεσημβρίαν εἰς Σιμπὶν ἐλ Κὸμ ὑπὸ τὴν προεδρίαν τοῦ Κυβερνήτου τῆς Μενουφίας. Μετέβη ἐκεῖ τὸ Συνέδριον ὁ Πρόεδρος τῆς Δημοκρατίας Γκαμὰλ Ἀμπντὲλ Νάσσερ.

πολιτικῶν τοῦ εἰς τὸ δημόσιον, καὶ τοῦ οἰκονομικοῦ καὶ κοινωνικοῦ σχεδιασμοῦ. Ἡ ἐθνικὴ ἕνωσις ἔχει ὡς σκοπὸν τὴν κινητοποίησιν ὅλων τῶν πολιτῶν εἰς τὸ ἔργον τῆς ἀναπτύξεως τῆς χώρας.

Ο Δρ ΓΚΕΟΡΓΚΙΕΦ ΕΙΣ ΚΑΪΡΟΝ

Μὲ πρόσκλησιν τοῦ Ἰδρ. Συνδικάτου Παιδιάτρων, ἔφθασε εἰς Κάϊρον ὁ Δρ Ἰδὰν Κότζεφ Γκεοργκιέφ, Βουλγ. Ἀρχίατρος τῆς Νευρολογικῆς Κλινικῆς τοῦ Ἀνωτάτου Ἰνστιτούτου Ἰατρικῆς τῆς Σόφιας. Ὁ Δρ Γκεοργκιέφ, ὁ ὁποῖος, ἐκτὸς τῶν ἄλλων, εἶναι πρόεδρος τῆς Βουλγαρικῆς Ἑνώσεως Νευρολόγων καὶ Ψυχιάτρων, θὰ δώσῃ σειρὰν διαλέξεων ἐπὶ τῆς νευρολογίας.

Η ΟΔΟΣ ΔΕΙΝΟΚΡΑΤΟΥΣ ΔΕΝ Θ' ΑΛΛΑΞΗ ΟΝΟΜΑ

Τόσον ἡ συνάδελφος «Ρεφόρμ», ὅσον καὶ ὁ «Ταχυδρόμος», εἶχον δημοσιεύσει ὅτι ἡ ὁδὸς Δεινοκράτους ἐπρόκειτο νὰ μετονομασθῇ. Ἡ εἴδησις θὰ γίνῃ ἀναμφιβόλως δεκτὴ μὲ χαρὰν καὶ ἱκανοποίησιν ἀπὸ τὸν πληθυσμὸν τῆς Ἀλεξανδρείας.

ΜΗΝ
ΑΜΕΛΗΣΕΤΕ
ΝΑ
ΚΡΑΤΗΣΕΤΕ
Ἐγκαίρως
ΤΟ ΤΡΑΠΕΖΙ ΣΑΣ
ΣΤΟ ΜΕΓΑΛΟ
ΧΟΡΟ
ΤΟΥ ΑΙΣΧΥΛΟΥ
Τηλ. 21731
ΟΥΙΝΤΣΟΡ
18
ΦΕΒΡΟΥΑΡΙΟΥ
«ΚΑΛΗΜΕΡΑ ΑΘΗΝΑ» ΣΤΟ ΣΙΝΕΜΑ «ΡΟΥΑΓΙΑΛ»

Αὐτὴν τὴν ἑβδομάδα ὁ κινηματογράφος «Ρουαγιὰλ» προβάλλει τὴν ὡραιοτέρα κωμωδίαν τῆς χρονιᾶς, τὴν «Καλημέρα Ἀθήνα», μὲ τοὺς Γιώργο Οἰκονομίδη, Ντίνο Ἠλιόπουλο, Βασίλη Αὐλωνίτη καὶ Σταῦρο Καλογερόπουλο. Ἡ ταινία ἐγυρίσθη εἰς τὰς ὡραιοτέρας τοποθεσίας τῶν Ἀθηνῶν.

ΚΙΝΗΜΑΤΟΓΡΑΦΟΣ «ΡΟΥΑΓΙΑΛ»
ΑΝΑΚΟΙΝΩΣΙΣ

Ἡ Διεύθυνσις τοῦ Κινηματογράφου ΡΟΥΑΓΙΑΛ ἐν τῇ ἐπιθυμίᾳ ὅπως ἐξυπηρετήσῃ τὸ κοινόν.

ὅπως ἐξυπηρετηθοῦν ὅλοι οἱ Ἕλληνες, ἡ ταινία θὰ προβάλλεται καὶ μετὰ τὴν Κυριακὴν 12 Φεβρουαρίου 1961 εἰς δύο παραστάσεις. «Ἕνεκα συμβατικῶν ὑποχρεώσεων ἡ ταινία αὐτὴ θὰ ταξιδεύσει πρὸς τὴν Αἰθιοπίαν».

R. HASSAN

Ἡ διὰ πλειστηριασμοῦ πώλησις τῆς πλουσίας ἐπιπλώσεως τοῦ κ. Μ.Π.

32, Ὁδὸς Ἀρπασσίου Ζαγλούλ
Σήμερον Παρασκευὴν 4.00 μ.μ.
καὶ αὔριον Σάββατον 4.00 μ.μ.
ΕΜΠΟΡΙΚΗ ΤΡΑΠΕΖΑ
ΤΗΣ ΕΛΛΑΔΟΣ, Α.Ε.
ΚΕΝΤΡΙΚΟΝ ΚΑΤΑΣΤΗΜΑ
ΑΘΗΝΑΙ, Ὁδὸς Σοφοκλέους 11
ΙΔΡΥΘΕΙΣΑ ΤΩ 1907
ΚΕΦΑΛΑΙΟΝ ΚΑΙ ΑΠΟΘΕΜΑΤΙΚΟΝ ΔΡΧ. 154.142.775
Διοικητής: Καθηγητής ΣΤΡΑΤ. Γ. ΑΝΔΡΕΑΔΗΣ
81 Ὑποκαταστήματα ἐν Ἀθήναις καὶ εἰς τὰς κυριωτέρας πόλεις τῆς Ἑλλάδος
ΚΕΝΤΡΙΚΟΝ ΚΑΤΑΣΤΗΜΑ ΔΙΑ ΤΗΝ Ν. ΠΕΡΙΦΕΡΕΙΑΝ
ΑΛΕΞΑΝΔΡΕΙΑ, 19, ὁδὸς Σερὶφ (Ε.Μ. 215).
ΥΠΟΚΑΤΑΣΤΗΜΑ ΚΑΪΡΟΥ, 8 ὁδὸς Σερὶφ (Ε.Μ. 13434)
Τηλεγραφικὴ Διεύθυνσις: «COMERZBANK»
ΣΥΜΜΕΤΟΧΟΙ ΤΡΑΠΕΖΑΙ :
α) ΙΟΝΙΚΗ ΚΑΙ ΛΑΪΚΗ ΤΡΑΠΕΖΑ τῆς ΕΛΛΑΔΟΣ
THE COMMERCIAL BANK OF THE NEAR EAST LTD (LONDON)
Ἐκτελεῖ πάσης φύσεως Τραπεζιτικὰς ἐργασίας
Ταμιευτήριον μέχρι Λ. Αἰγ. 2.000
